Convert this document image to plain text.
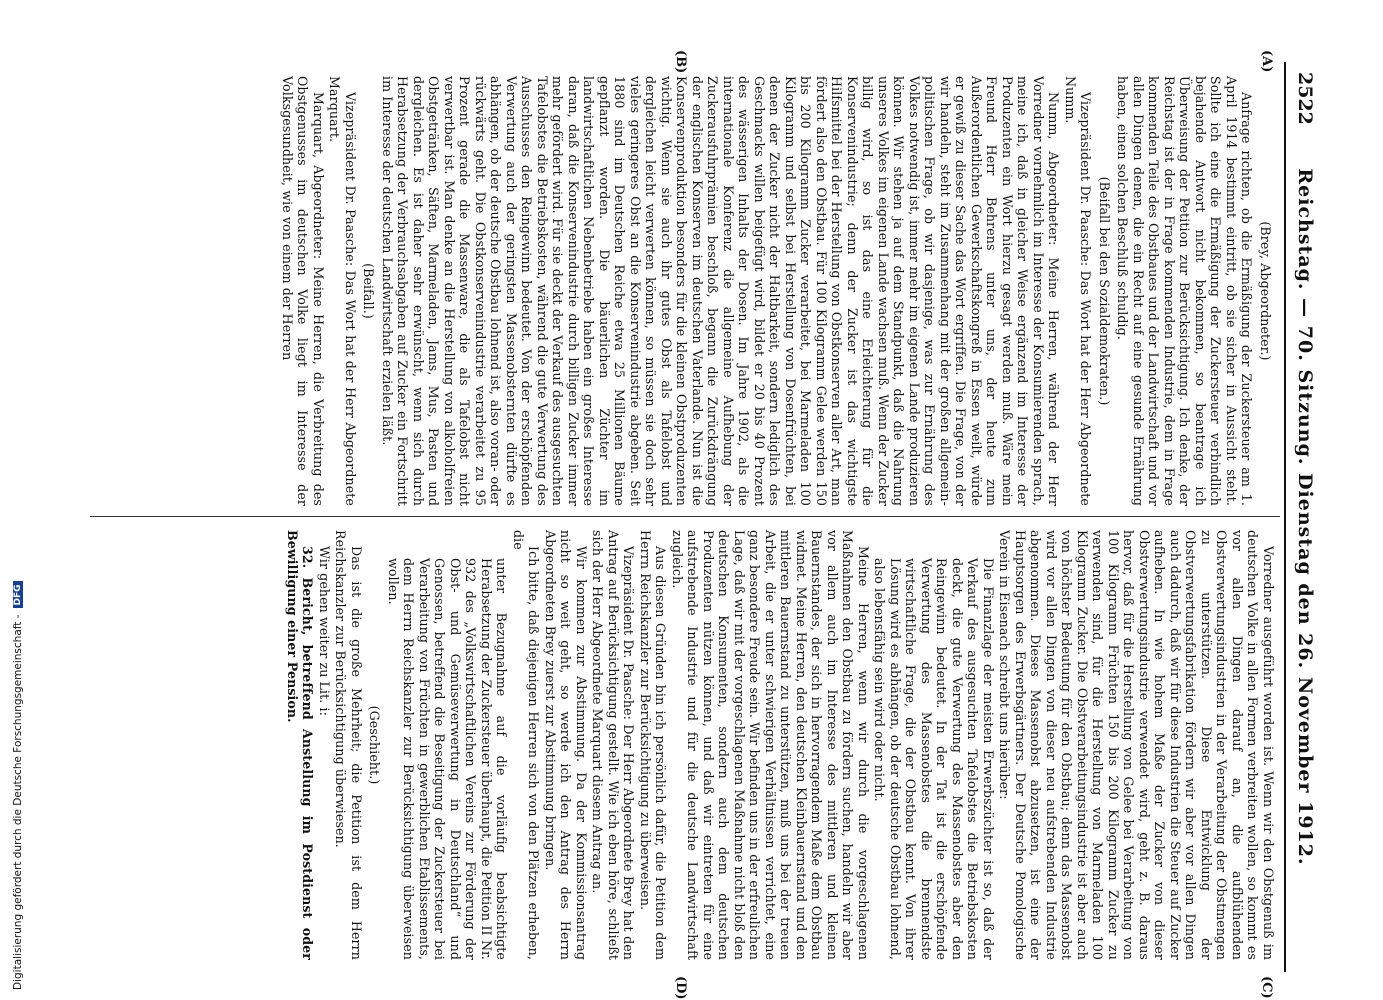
2522
Reichstag. — 70. Sitzung. Dienstag den 26. November 1912.
(A)
(B)
(C)
(D)

(Brey, Abgeordneter.)

Anfrage richten, ob die Ermäßigung der Zuckersteuer am 1. April 1914 bestimmt eintritt, ob sie sicher in Aussicht steht. Sollte ich eine die Ermäßigung der Zuckersteuer verbindlich bejahende Antwort nicht bekommen, so beantrage ich Überweisung der Petition zur Berücksichtigung. Ich denke, der Reichstag ist der in Frage kommenden Industrie, dem in Frage kommenden Teile des Obstbaues und der Landwirtschaft und vor allen Dingen denen, die ein Recht auf eine gesunde Ernährung haben, einen solchen Beschluß schuldig.

(Beifall bei den Sozialdemokraten.)

Vizepräsident Dr. Paasche: Das Wort hat der Herr Abgeordnete Numm.

Numm, Abgeordneter: Meine Herren, während der Herr Vorredner vornehmlich im Interesse der Konsumierenden sprach, meine ich, daß in gleicher Weise ergänzend im Interesse der Produzenten ein Wort hierzu gesagt werden muß. Wäre mein Freund Herr Behrens unter uns, der heute zum Außerordentlichen Gewerkschaftskongreß in Essen weilt, würde er gewiß zu dieser Sache das Wort ergriffen. Die Frage, von der wir handeln, steht im Zusammenhang mit der großen allgemein-politischen Frage, ob wir dasjenige, was zur Ernährung des Volkes notwendig ist, immer mehr im eigenen Lande produzieren können. Wir stehen ja auf dem Standpunkt, daß die Nahrung unseres Volkes im eigenen Lande wachsen muß. Wenn der Zucker billig wird, so ist das eine Erleichterung für die Konservenindustrie; denn der Zucker ist das wichtigste Hilfsmittel bei der Herstellung von Obstkonserven aller Art, man fördert also den Obstbau. Für 100 Kilogramm Gelee werden 150 bis 200 Kilogramm Zucker verarbeitet, bei Marmeladen 100 Kilogramm und selbst bei Herstellung von Dosenfrüchten, bei denen der Zucker nicht der Haltbarkeit, sondern lediglich des Geschmacks willen beigefügt wird, bildet er 20 bis 40 Prozent des wässerigen Inhalts der Dosen. Im Jahre 1902, als die internationale Konferenz die allgemeine Aufhebung der Zuckerausfuhrprämien beschloß, begann die Zurückdrängung der englischen Konserven im deutschen Vaterlande. Nun ist die Konservenproduktion besonders für die kleinen Obstproduzenten wichtig. Wenn sie auch ihr gutes Obst als Tafelobst und dergleichen leicht verwerten können, so müssen sie doch sehr vieles geringeres Obst an die Konservenindustrie abgeben. Seit 1880 sind im Deutschen Reiche etwa 25 Millionen Bäume gepflanzt worden. Die bäuerlichen Züchter im landwirtschaftlichen Nebenbetriebe haben ein großes Interesse daran, daß die Konservenindustrie durch billigen Zucker immer mehr gefördert wird. Für sie deckt der Verkauf des ausgesuchten Tafelobstes die Betriebskosten, während die gute Verwertung des Ausschusses den Reingewinn bedeutet. Von der erschöpfenden Verwertung auch der geringsten Massenobsternten dürfte es abhängen, ob der deutsche Obstbau lohnend ist, also voran- oder rückwärts geht. Die Obstkonservenindustrie verarbeitet zu 95 Prozent gerade die Massenware, die als Tafelobst nicht verwertbar ist. Man denke an die Herstellung von alkoholfreien Obstgetränken, Säften, Marmeladen, Jams, Mus, Pasten und dergleichen. Es ist daher sehr erwünscht, wenn sich durch Herabsetzung der Verbrauchsabgaben auf Zucker ein Fortschritt im Interesse der deutschen Landwirtschaft erzielen läßt.

(Beifall.)

Vizepräsident Dr. Paasche: Das Wort hat der Herr Abgeordnete Marquart.

Marquart, Abgeordneter: Meine Herren, die Verbreitung des Obstgenusses im deutschen Volke liegt im Interesse der Volksgesundheit, wie von einem der Herren

Vorredner ausgeführt worden ist. Wenn wir den Obstgenuß im deutschen Volke in allen Formen verbreiten wollen, so kommt es vor allen Dingen darauf an, die aufblühenden Obstverwertungsindustrien in der Verarbeitung der Obstmengen zu unterstützen. Diese Entwicklung der Obstverwertungsfabrikation fördern wir aber vor allen Dingen auch dadurch, daß wir für diese Industrien die Steuer auf Zucker aufheben. In wie hohem Maße der Zucker von dieser Obstverwertungsindustrie verwendet wird, geht z. B. daraus hervor, daß für die Herstellung von Gelee bei Verarbeitung von 100 Kilogramm Früchten 150 bis 200 Kilogramm Zucker zu verwenden sind, für die Herstellung von Marmeladen 100 Kilogramm Zucker. Die Obstverarbeitungsindustrie ist aber auch von höchster Bedeutung für den Obstbau; denn das Massenobst wird vor allen Dingen von dieser neu aufstrebenden Industrie abgenommen. Dieses Massenobst abzusetzen, ist eine der Hauptsorgen des Erwerbsgärtners. Der Deutsche Pomologische Verein in Eisenach schreibt uns hierüber:

Die Finanzlage der meisten Erwerbszüchter ist so, daß der Verkauf des ausgesuchten Tafelobstes die Betriebskosten deckt, die gute Verwertung des Massenobstes aber den Reingewinn bedeutet. In der Tat ist die erschöpfende Verwertung des Massenobstes die brennendste wirtschaftliche Frage, die der Obstbau kennt. Von ihrer Lösung wird es abhängen, ob der deutsche Obstbau lohnend, also lebensfähig sein wird oder nicht.

Meine Herren, wenn wir durch die vorgeschlagenen Maßnahmen den Obstbau zu fördern suchen, handeln wir aber vor allem auch im Interesse des mittleren und kleinen Bauernstandes, der sich in hervorragendem Maße dem Obstbau widmet. Meine Herren, den deutschen Kleinbauernstand und den mittleren Bauernstand zu unterstützen, muß uns bei der treuen Arbeit, die er unter schwierigen Verhältnissen verrichtet, eine ganz besondere Freude sein. Wir befinden uns in der erfreulichen Lage, daß wir mit der vorgeschlagenen Maßnahme nicht bloß den deutschen Konsumenten, sondern auch dem deutschen Produzenten nützen können, und daß wir eintreten für eine aufstrebende Industrie und für die deutsche Landwirtschaft zugleich.

Aus diesen Gründen bin ich persönlich dafür, die Petition dem Herrn Reichskanzler zur Berücksichtigung zu überweisen.

Vizepräsident Dr. Paasche: Der Herr Abgeordnete Brey hat den Antrag auf Berücksichtigung gestellt. Wie ich eben höre, schließt sich der Herr Abgeordnete Marquart diesem Antrag an.

Wir kommen zur Abstimmung. Da der Kommissionsantrag nicht so weit geht, so werde ich den Antrag des Herrn Abgeordneten Brey zuerst zur Abstimmung bringen.

Ich bitte, daß diejenigen Herren sich von den Plätzen erheben, die

unter Bezugnahme auf die vorläufig beabsichtigte Herabsetzung der Zuckersteuer überhaupt, die Petition II Nr. 932 des „Volkswirtschaftlichen Vereins zur Förderung der Obst- und Gemüseverwertung in Deutschland“ und Genossen, betreffend die Beseitigung der Zuckersteuer bei Verarbeitung von Früchten in gewerblichen Etablissements, dem Herrn Reichskanzler zur Berücksichtigung überweisen wollen.

(Geschieht.)

Das ist die große Mehrheit; die Petition ist dem Herrn Reichskanzler zur Berücksichtigung überwiesen.

Wir gehen weiter zu Lit. i:

32. Bericht, betreffend Anstellung im Postdienst oder Bewilligung einer Pension.

Digitalisierung gefördert durch die Deutsche Forschungsgemeinschaft -DFG
